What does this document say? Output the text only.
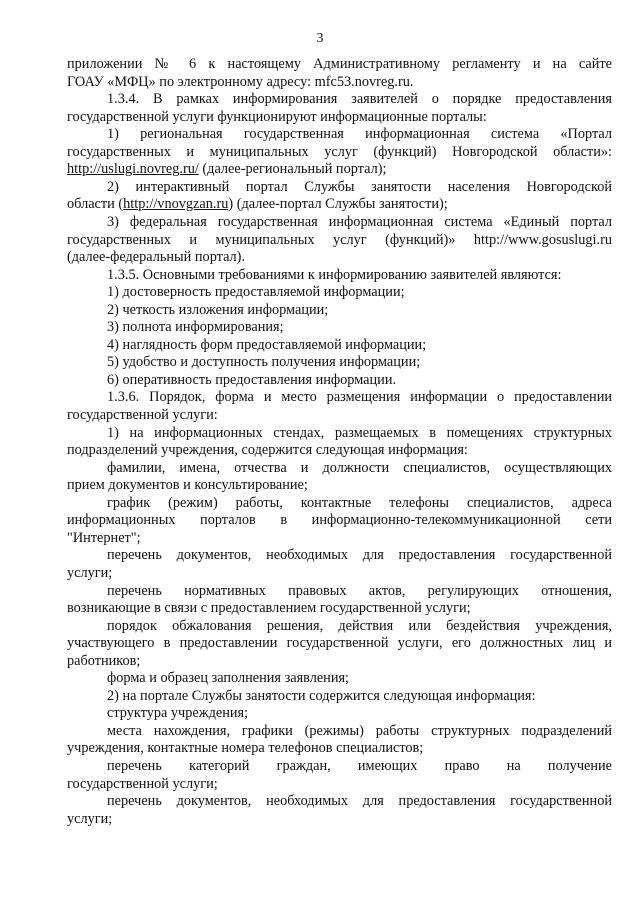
3
приложении № 6 к настоящему Административному регламенту и на сайте
ГОАУ «МФЦ» по электронному адресу: mfc53.novreg.ru.
1.3.4. В рамках информирования заявителей о порядке предоставления
государственной услуги функционируют информационные порталы:
1) региональная государственная информационная система «Портал
государственных и муниципальных услуг (функций) Новгородской области»:
http://uslugi.novreg.ru/ (далее-региональный портал);
2) интерактивный портал Службы занятости населения Новгородской
области (http://vnovgzan.ru) (далее-портал Службы занятости);
3) федеральная государственная информационная система «Единый портал
государственных и муниципальных услуг (функций)» http://www.gosuslugi.ru
(далее-федеральный портал).
1.3.5. Основными требованиями к информированию заявителей являются:
1) достоверность предоставляемой информации;
2) четкость изложения информации;
3) полнота информирования;
4) наглядность форм предоставляемой информации;
5) удобство и доступность получения информации;
6) оперативность предоставления информации.
1.3.6. Порядок, форма и место размещения информации о предоставлении
государственной услуги:
1) на информационных стендах, размещаемых в помещениях структурных
подразделений учреждения, содержится следующая информация:
фамилии, имена, отчества и должности специалистов, осуществляющих
прием документов и консультирование;
график (режим) работы, контактные телефоны специалистов, адреса
информационных порталов в информационно-телекоммуникационной сети
"Интернет";
перечень документов, необходимых для предоставления государственной
услуги;
перечень нормативных правовых актов, регулирующих отношения,
возникающие в связи с предоставлением государственной услуги;
порядок обжалования решения, действия или бездействия учреждения,
участвующего в предоставлении государственной услуги, его должностных лиц и
работников;
форма и образец заполнения заявления;
2) на портале Службы занятости содержится следующая информация:
структура учреждения;
места нахождения, графики (режимы) работы структурных подразделений
учреждения, контактные номера телефонов специалистов;
перечень категорий граждан, имеющих право на получение
государственной услуги;
перечень документов, необходимых для предоставления государственной
услуги;
